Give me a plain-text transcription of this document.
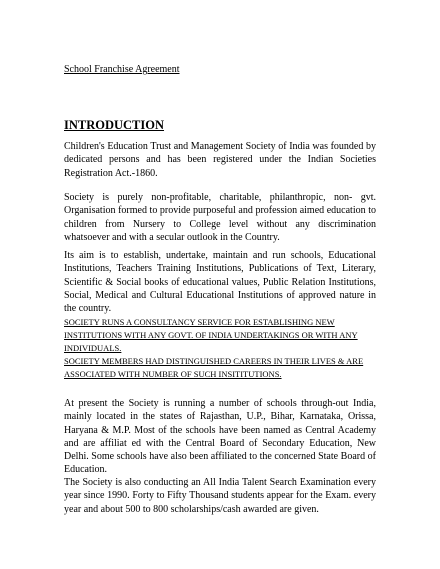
School Franchise Agreement
INTRODUCTION

Children's Education Trust and Management Society of India was founded by dedicated persons and has been registered under the Indian Societies Registration Act.-1860.

Society is purely non-profitable, charitable, philanthropic, non- gvt. Organisation formed to provide purposeful and profession aimed education to children from Nursery to College level without any discrimination whatsoever and with a secular outlook in the Country.

Its aim is to establish, undertake, maintain and run schools, Educational Institutions, Teachers Training Institutions, Publications of Text, Literary, Scientific & Social books of educational values, Public Relation Institutions, Social, Medical and Cultural Educational Institutions of approved nature in the country.

SOCIETY RUNS A CONSULTANCY SERVICE FOR ESTABLISHING NEW INSTITUTIONS WITH ANY GOVT. OF INDIA UNDERTAKINGS OR WITH ANY INDIVIDUALS.

SOCIETY MEMBERS HAD DISTINGUISHED CAREERS IN THEIR LIVES & ARE ASSOCIATED WITH NUMBER OF SUCH INSITITUTIONS.

At present the Society is running a number of schools through-out India, mainly located in the states of Rajasthan, U.P., Bihar, Karnataka, Orissa, Haryana & M.P. Most of the schools have been named as Central Academy and are affiliat ed with the Central Board of Secondary Education, New Delhi. Some schools have also been affiliated to the concerned State Board of Education.

The Society is also conducting an All India Talent Search Examination every year since 1990. Forty to Fifty Thousand students appear for the Exam. every year and about 500 to 800 scholarships/cash awarded are given.
